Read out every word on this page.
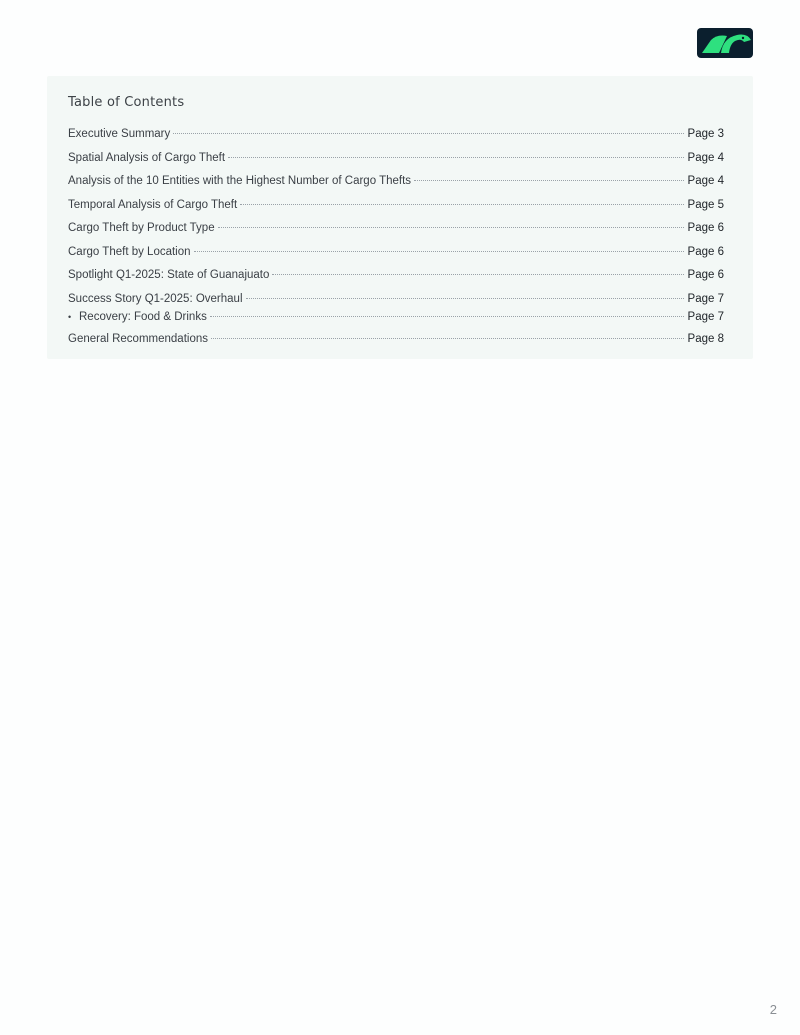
Table of Contents
Executive Summary	Page 3
Spatial Analysis of Cargo Theft	Page 4
Analysis of the 10 Entities with the Highest Number of Cargo Thefts	Page 4
Temporal Analysis of Cargo Theft	Page 5
Cargo Theft by Product Type	Page 6
Cargo Theft by Location	Page 6
Spotlight Q1-2025: State of Guanajuato	Page 6
Success Story Q1-2025: Overhaul	Page 7
• Recovery: Food & Drinks	Page 7
General Recommendations	Page 8
2
